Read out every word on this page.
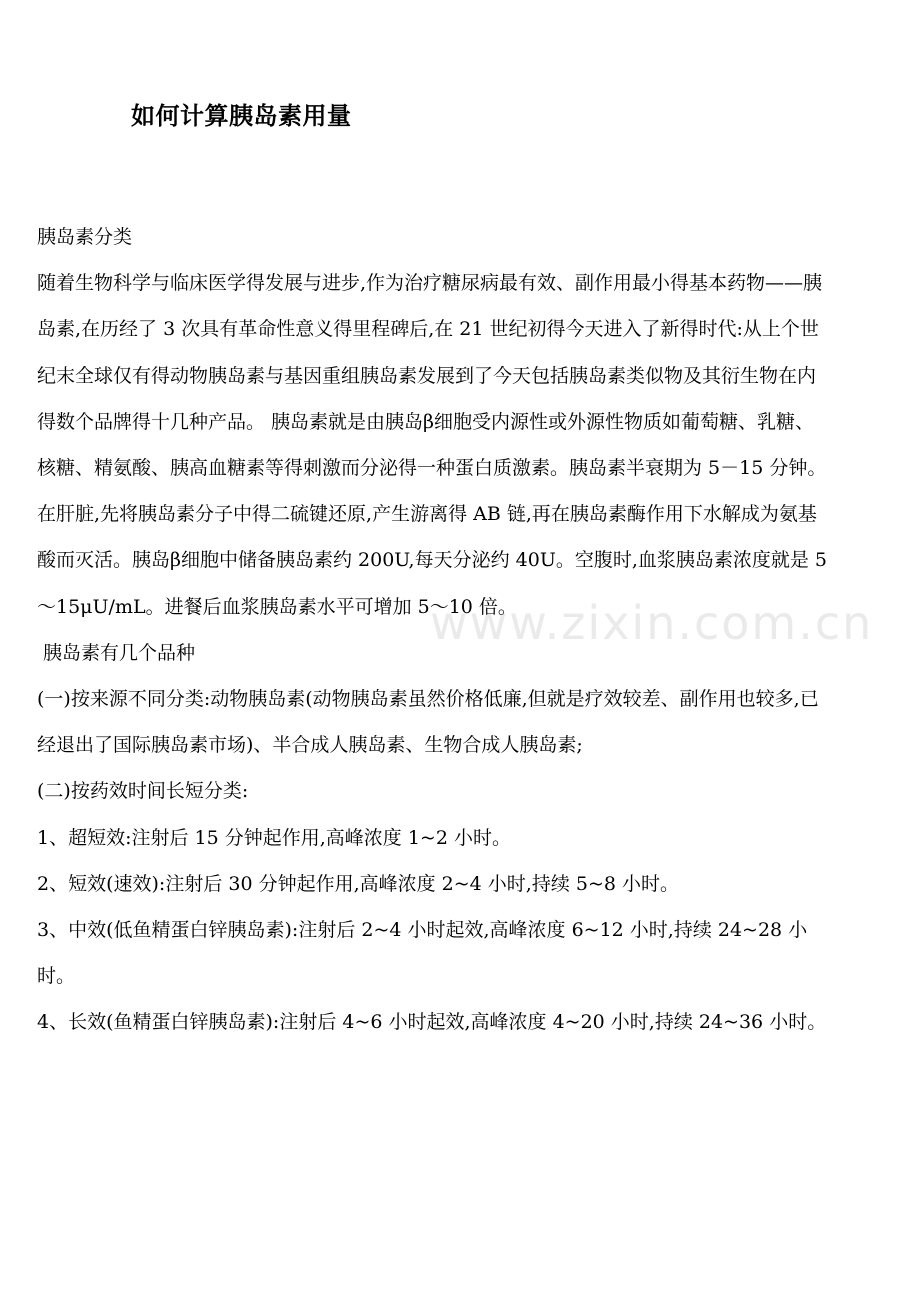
如何计算胰岛素用量

胰岛素分类

随着生物科学与临床医学得发展与进步,作为治疗糖尿病最有效、副作用最小得基本药物——胰岛素,在历经了 3 次具有革命性意义得里程碑后,在 21 世纪初得今天进入了新得时代:从上个世纪末全球仅有得动物胰岛素与基因重组胰岛素发展到了今天包括胰岛素类似物及其衍生物在内得数个品牌得十几种产品。 胰岛素就是由胰岛β细胞受内源性或外源性物质如葡萄糖、乳糖、核糖、精氨酸、胰高血糖素等得刺激而分泌得一种蛋白质激素。胰岛素半衰期为 5－15 分钟。在肝脏,先将胰岛素分子中得二硫键还原,产生游离得 AB 链,再在胰岛素酶作用下水解成为氨基酸而灭活。胰岛β细胞中储备胰岛素约 200U,每天分泌约 40U。空腹时,血浆胰岛素浓度就是 5～15μU/mL。进餐后血浆胰岛素水平可增加 5～10 倍。

胰岛素有几个品种

(一)按来源不同分类:动物胰岛素(动物胰岛素虽然价格低廉,但就是疗效较差、副作用也较多,已经退出了国际胰岛素市场)、半合成人胰岛素、生物合成人胰岛素;

(二)按药效时间长短分类:

1、超短效:注射后 15 分钟起作用,高峰浓度 1~2 小时。

2、短效(速效):注射后 30 分钟起作用,高峰浓度 2~4 小时,持续 5~8 小时。

3、中效(低鱼精蛋白锌胰岛素):注射后 2~4 小时起效,高峰浓度 6~12 小时,持续 24~28 小时。

4、长效(鱼精蛋白锌胰岛素):注射后 4~6 小时起效,高峰浓度 4~20 小时,持续 24~36 小时。

www.zixin.com.cn
